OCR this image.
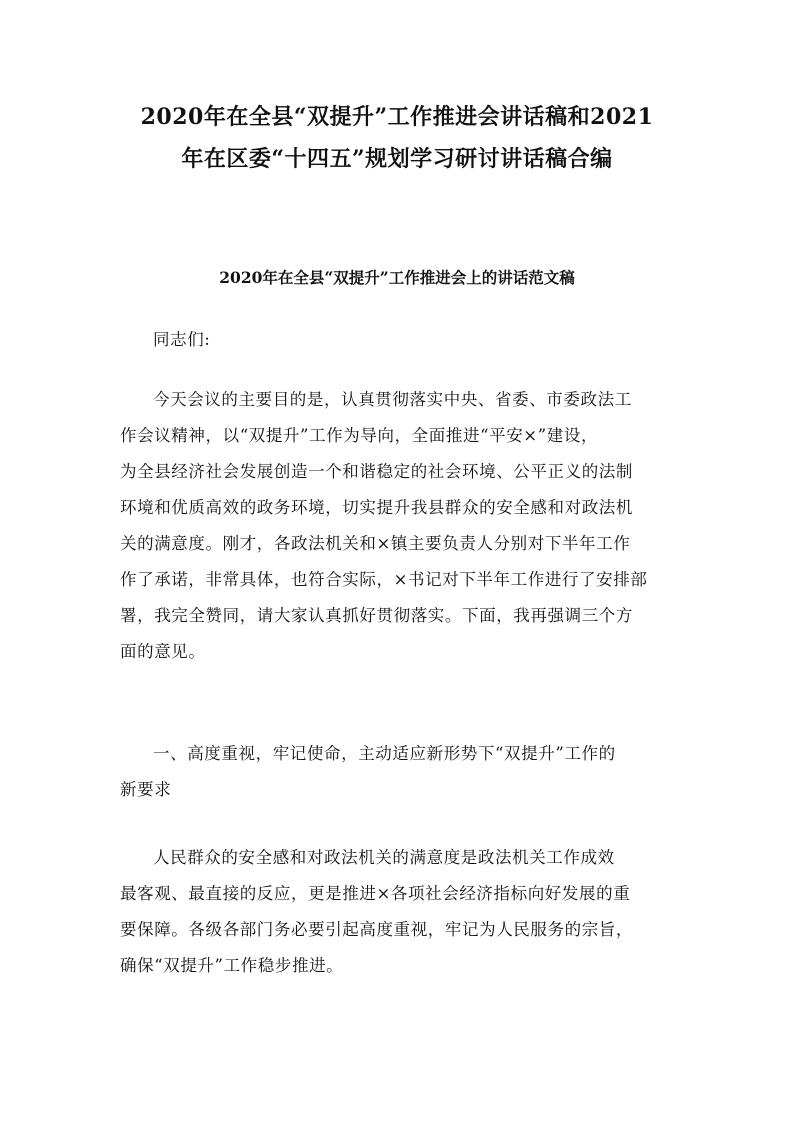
2020年在全县“双提升”工作推进会讲话稿和2021
年在区委“十四五”规划学习研讨讲话稿合编
2020年在全县“双提升”工作推进会上的讲话范文稿
同志们:
今天会议的主要目的是，认真贯彻落实中央、省委、市委政法工
作会议精神，以“双提升”工作为导向，全面推进“平安×”建设，
为全县经济社会发展创造一个和谐稳定的社会环境、公平正义的法制
环境和优质高效的政务环境，切实提升我县群众的安全感和对政法机
关的满意度。刚才，各政法机关和×镇主要负责人分别对下半年工作
作了承诺，非常具体，也符合实际，×书记对下半年工作进行了安排部
署，我完全赞同，请大家认真抓好贯彻落实。下面，我再强调三个方
面的意见。
一、高度重视，牢记使命，主动适应新形势下“双提升”工作的
新要求
人民群众的安全感和对政法机关的满意度是政法机关工作成效
最客观、最直接的反应，更是推进×各项社会经济指标向好发展的重
要保障。各级各部门务必要引起高度重视，牢记为人民服务的宗旨，
确保“双提升”工作稳步推进。
